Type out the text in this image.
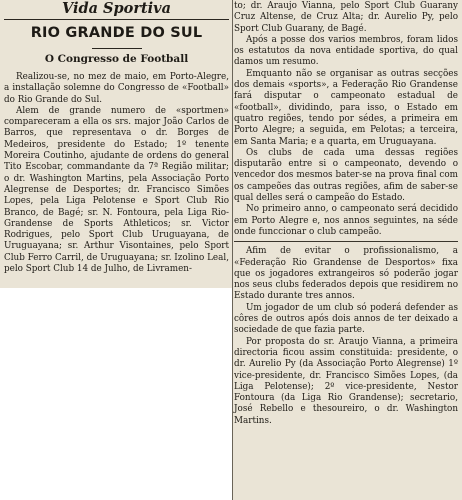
Vida Sportiva
RIO GRANDE DO SUL
O Congresso de Football

Realizou-se, no mez de maio, em Porto-Alegre, a installação solemne do Congresso de «Football» do Rio Grande do Sul.

Alem de grande numero de «sportmen» compareceram a ella os srs. major João Carlos de Barros, que representava o dr. Borges de Medeiros, presidente do Estado; 1º tenente Moreira Coutinho, ajudante de ordens do general Tito Escobar, commandante da 7ª Região militar; o dr. Washington Martins, pela Associação Porto Alegrense de Desportes; dr. Francisco Simões Lopes, pela Liga Pelotense e Sport Club Rio Branco, de Bagé; sr. N. Fontoura, pela Liga Rio-Grandense de Sports Athleticos; sr. Victor Rodrigues, pelo Sport Club Uruguayana, de Uruguayana; sr. Arthur Visontaines, pelo Sport Club Ferro Carril, de Uruguayana; sr. Izolino Leal, pelo Sport Club 14 de Julho, de Livramen-

to; dr. Araujo Vianna, pelo Sport Club Guarany Cruz Altense, de Cruz Alta; dr. Aurelio Py, pelo Sport Club Guarany, de Bagé.

Após a posse dos varios membros, foram lidos os estatutos da nova entidade sportiva, do qual damos um resumo.

Emquanto não se organisar as outras secções dos demais «sports», a Federação Rio Grandense fará disputar o campeonato estadual de «football», dividindo, para isso, o Estado em quatro regiões, tendo por sédes, a primeira em Porto Alegre; a seguida, em Pelotas; a terceira, em Santa Maria; e a quarta, em Uruguayana.

Os clubs de cada uma dessas regiões disputarão entre si o campeonato, devendo o vencedor dos mesmos bater-se na prova final com os campeões das outras regiões, afim de saber-se qual delles será o campeão do Estado.

No primeiro anno, o campeonato será decidido em Porto Alegre e, nos annos seguintes, na séde onde funccionar o club campeão.

Afim de evitar o profissionalismo, a «Federação Rio Grandense de Desportos» fixa que os jogadores extrangeiros só poderão jogar nos seus clubs federados depois que residirem no Estado durante tres annos.

Um jogador de um club só poderá defender as côres de outros após dois annos de ter deixado a sociedade de que fazia parte.

Por proposta do sr. Araujo Vianna, a primeira directoria ficou assim constituida: presidente, o dr. Aurelio Py (da Associação Porto Alegrense) 1º vice-presidente, dr. Francisco Simões Lopes, (da Liga Pelotense); 2º vice-presidente, Nestor Fontoura (da Liga Rio Grandense); secretario, José Rebello e thesoureiro, o dr. Washington Martins.
